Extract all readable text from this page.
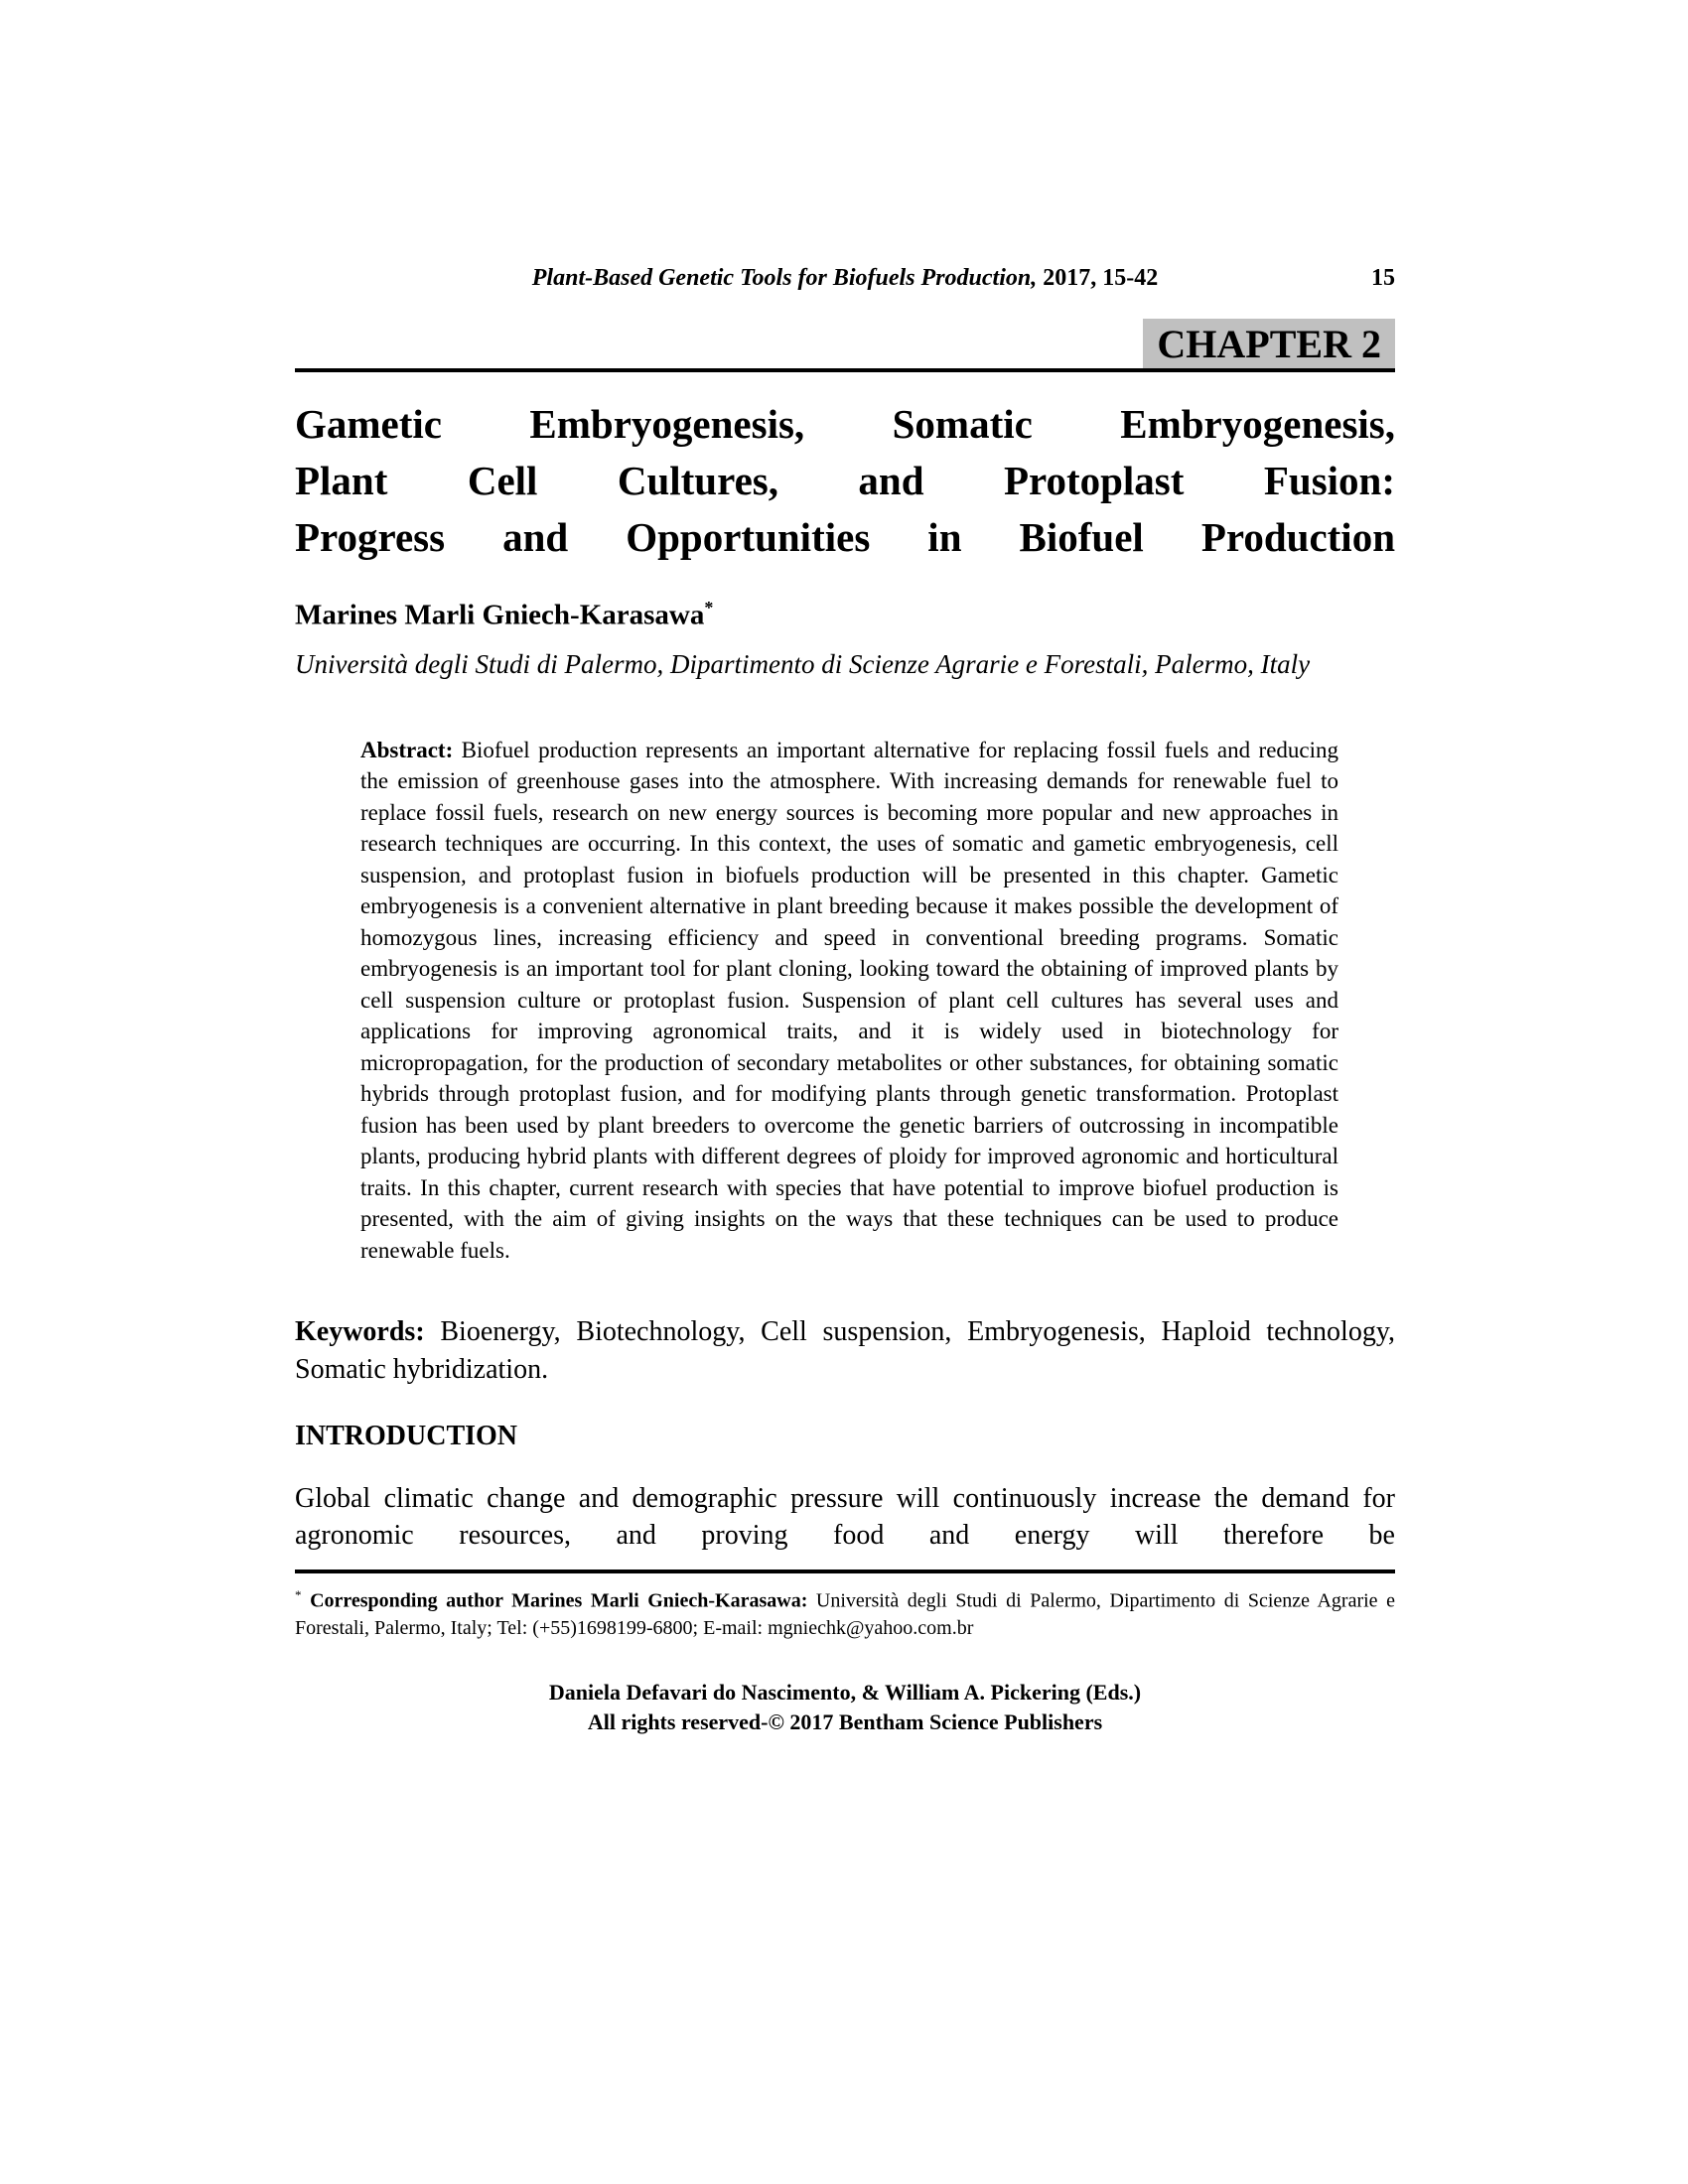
Plant-Based Genetic Tools for Biofuels Production, 2017, 15-42	15
CHAPTER 2
Gametic Embryogenesis, Somatic Embryogenesis,
Plant Cell Cultures, and Protoplast Fusion:
Progress and Opportunities in Biofuel Production
Marines Marli Gniech-Karasawa*
Università degli Studi di Palermo, Dipartimento di Scienze Agrarie e Forestali, Palermo, Italy
Abstract: Biofuel production represents an important alternative for replacing fossil fuels and reducing the emission of greenhouse gases into the atmosphere. With increasing demands for renewable fuel to replace fossil fuels, research on new energy sources is becoming more popular and new approaches in research techniques are occurring. In this context, the uses of somatic and gametic embryogenesis, cell suspension, and protoplast fusion in biofuels production will be presented in this chapter. Gametic embryogenesis is a convenient alternative in plant breeding because it makes possible the development of homozygous lines, increasing efficiency and speed in conventional breeding programs. Somatic embryogenesis is an important tool for plant cloning, looking toward the obtaining of improved plants by cell suspension culture or protoplast fusion. Suspension of plant cell cultures has several uses and applications for improving agronomical traits, and it is widely used in biotechnology for micropropagation, for the production of secondary metabolites or other substances, for obtaining somatic hybrids through protoplast fusion, and for modifying plants through genetic transformation. Protoplast fusion has been used by plant breeders to overcome the genetic barriers of outcrossing in incompatible plants, producing hybrid plants with different degrees of ploidy for improved agronomic and horticultural traits. In this chapter, current research with species that have potential to improve biofuel production is presented, with the aim of giving insights on the ways that these techniques can be used to produce renewable fuels.
Keywords: Bioenergy, Biotechnology, Cell suspension, Embryogenesis, Haploid technology, Somatic hybridization.
INTRODUCTION
Global climatic change and demographic pressure will continuously increase the demand for agronomic resources, and proving food and energy will therefore be
* Corresponding author Marines Marli Gniech-Karasawa: Università degli Studi di Palermo, Dipartimento di Scienze Agrarie e Forestali, Palermo, Italy; Tel: (+55)1698199-6800; E-mail: mgniechk@yahoo.com.br
Daniela Defavari do Nascimento, & William A. Pickering (Eds.)
All rights reserved-© 2017 Bentham Science Publishers
